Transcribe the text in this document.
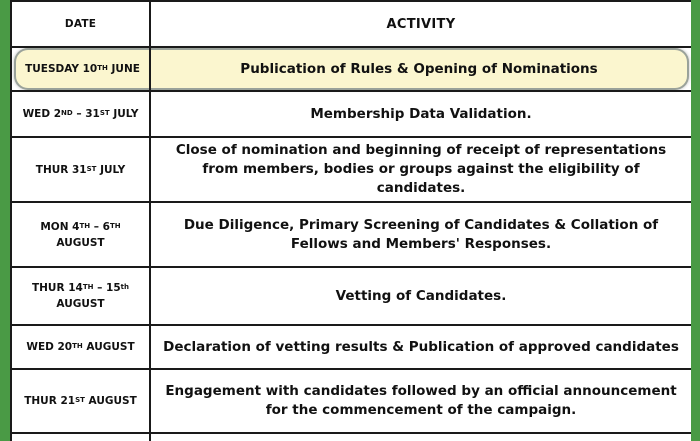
DATE	ACTIVITY

TUESDAY 10TH JUNE	Publication of Rules & Opening of Nominations

WED 2ND – 31ST JULY	Membership Data Validation.
THUR 31ST JULY	Close of nomination and beginning of receipt of representations from members, bodies or groups against the eligibility of candidates.
MON 4TH – 6TH AUGUST	Due Diligence, Primary Screening of Candidates & Collation of Fellows and Members' Responses.
THUR 14TH – 15th AUGUST	Vetting of Candidates.
WED 20TH AUGUST	Declaration of vetting results & Publication of approved candidates
THUR 21ST AUGUST	Engagement with candidates followed by an official announcement for the commencement of the campaign.
